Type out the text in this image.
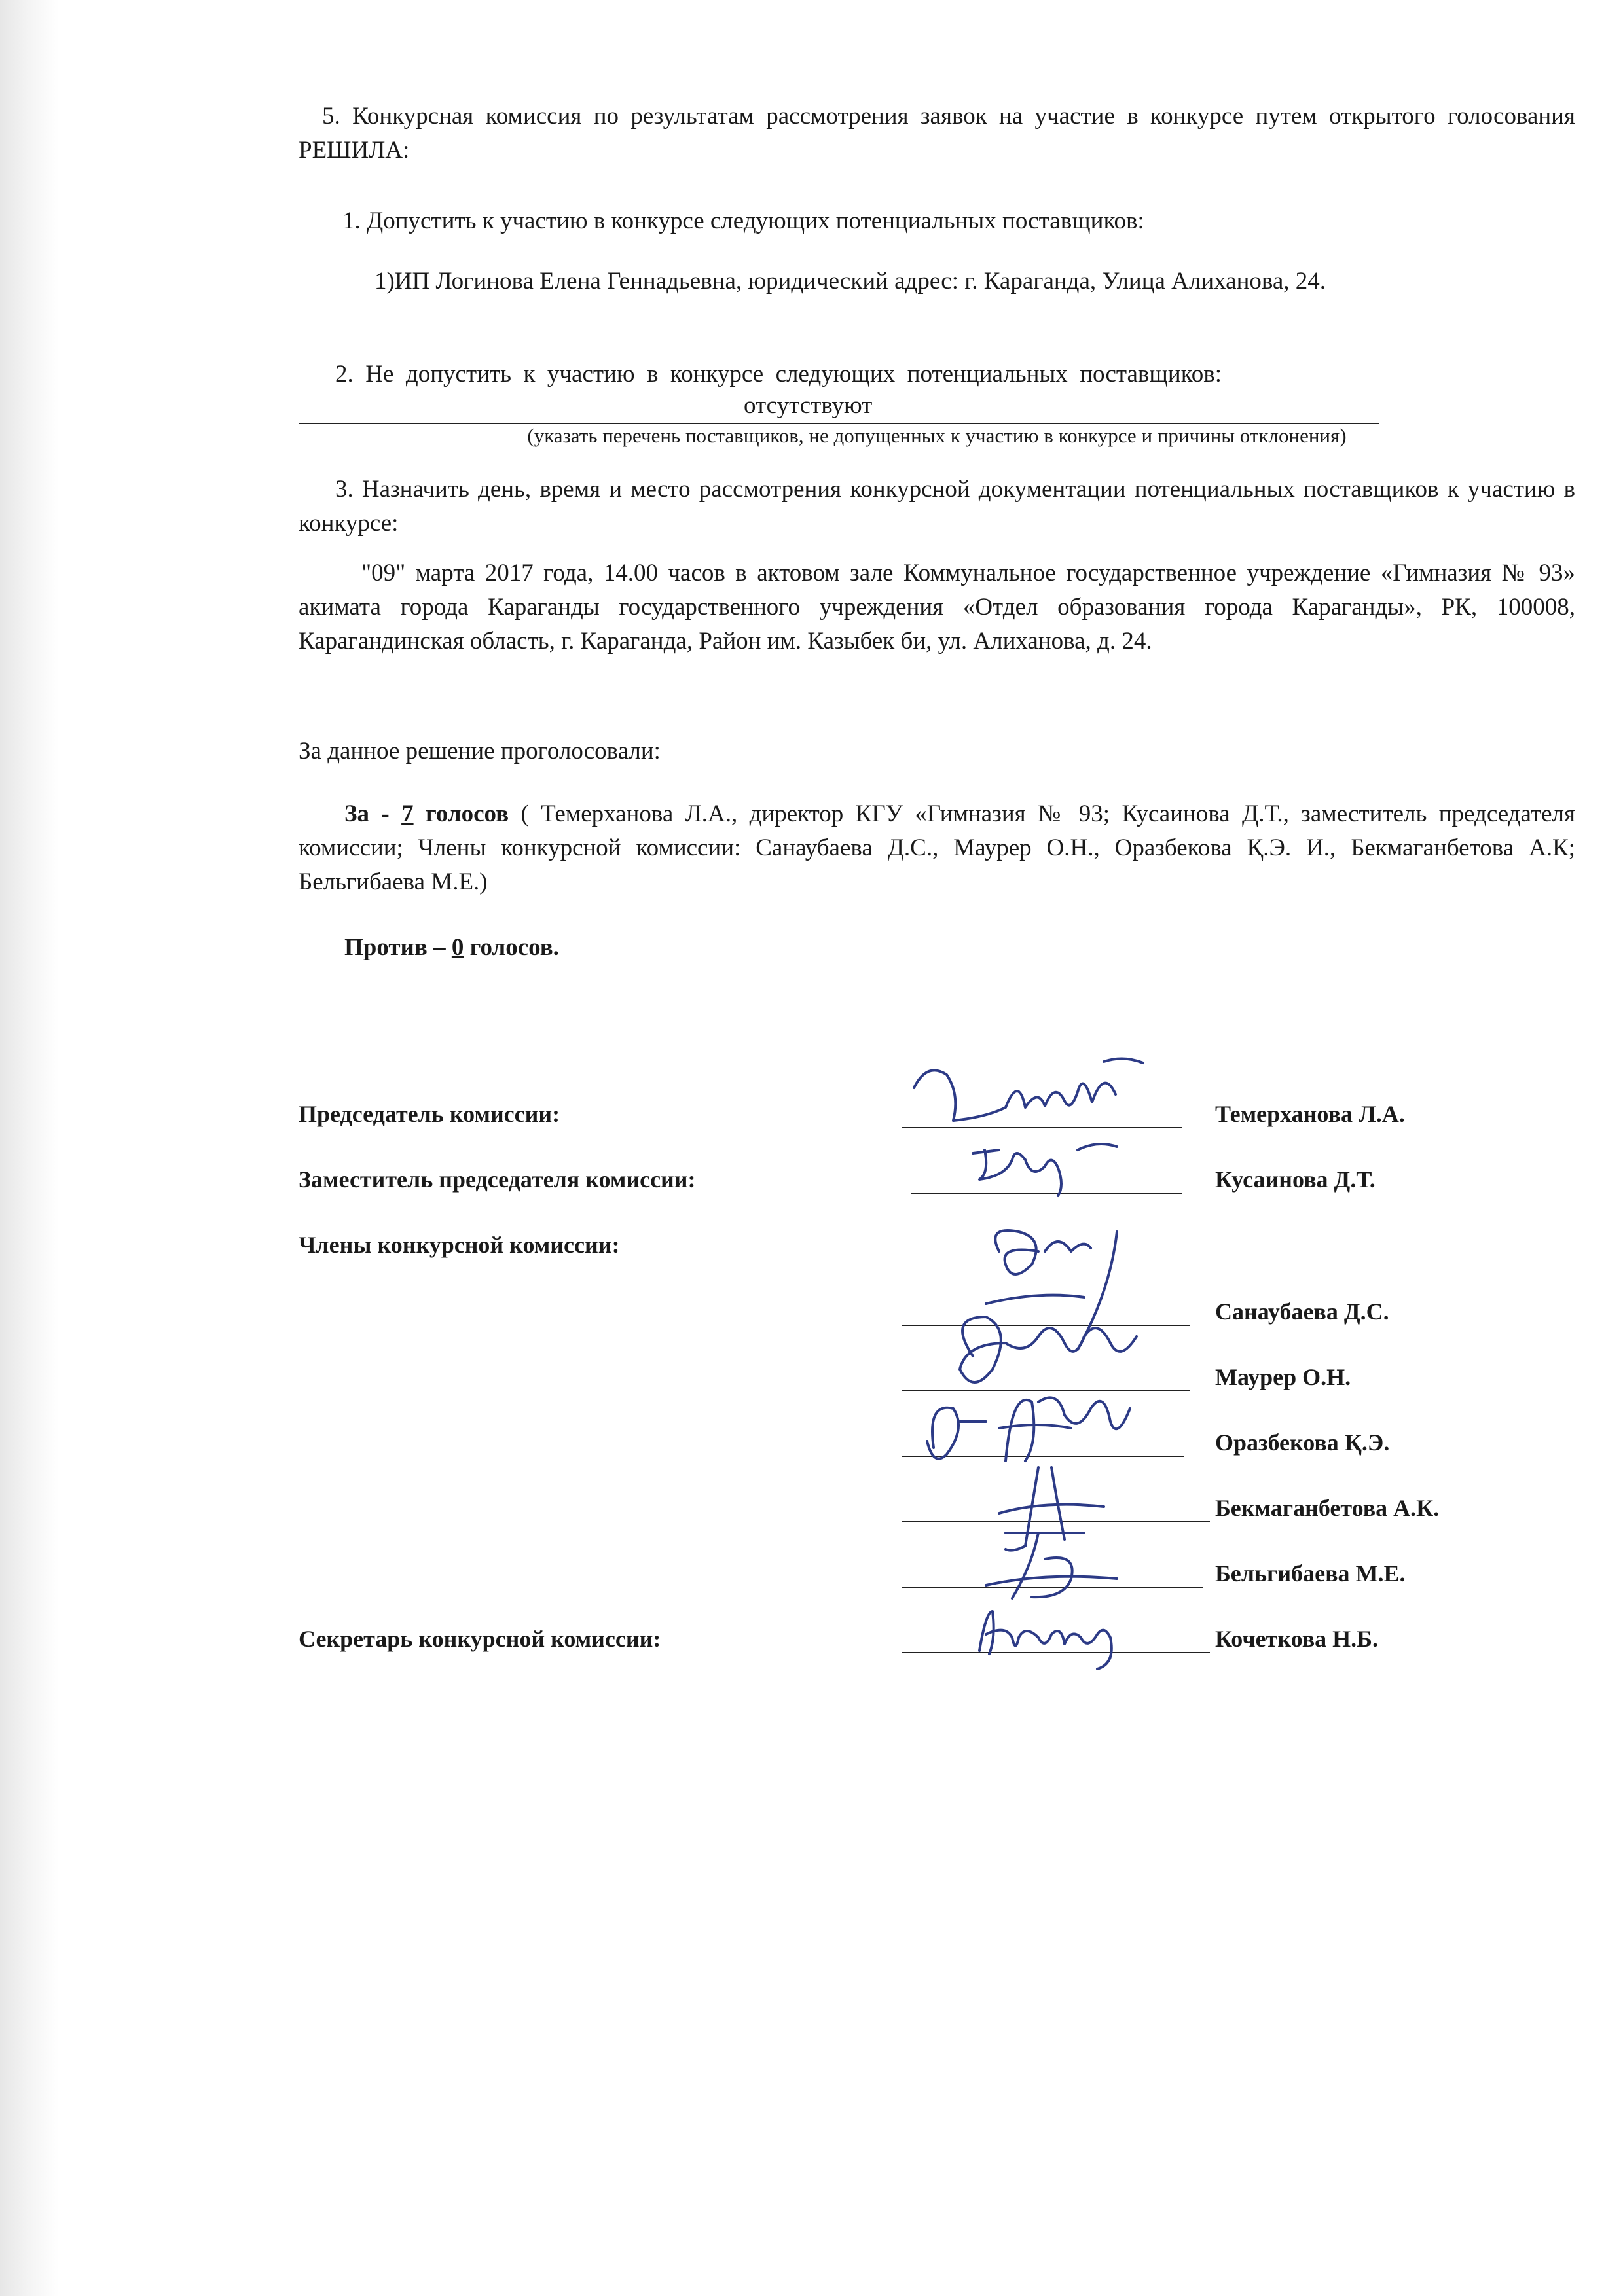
5. Конкурсная комиссия по результатам рассмотрения заявок на участие в конкурсе путем открытого голосования РЕШИЛА:

1. Допустить к участию в конкурсе следующих потенциальных поставщиков:

1)ИП Логинова Елена Геннадьевна, юридический адрес: г. Караганда, Улица Алиханова, 24.

2.  Не  допустить  к  участию  в  конкурсе  следующих  потенциальных  поставщиков:

отсутствуют

(указать перечень поставщиков, не допущенных к участию в конкурсе и причины отклонения)

3. Назначить день, время и место рассмотрения конкурсной документации потенциальных поставщиков к участию в конкурсе:

"09" марта 2017 года, 14.00 часов в актовом зале Коммунальное государственное учреждение «Гимназия № 93» акимата города Караганды государственного учреждения «Отдел образования города Караганды», РК, 100008, Карагандинская область, г. Караганда, Район им. Казыбек би, ул. Алиханова, д. 24.

За данное решение проголосовали:

За - 7 голосов ( Темерханова Л.А., директор КГУ «Гимназия № 93; Кусаинова Д.Т., заместитель председателя комиссии; Члены конкурсной комиссии: Санаубаева Д.С., Маурер О.Н., Оразбекова Қ.Э. И., Бекмаганбетова А.К; Бельгибаева М.Е.)

Против – 0 голосов.

Председатель комиссии:	Темерханова Л.А.
Заместитель председателя комиссии:	Кусаинова Д.Т.
Члены конкурсной комиссии:
Санаубаева Д.С.
Маурер О.Н.
Оразбекова Қ.Э.
Бекмаганбетова А.К.
Бельгибаева М.Е.
Секретарь конкурсной комиссии:	Кочеткова Н.Б.
